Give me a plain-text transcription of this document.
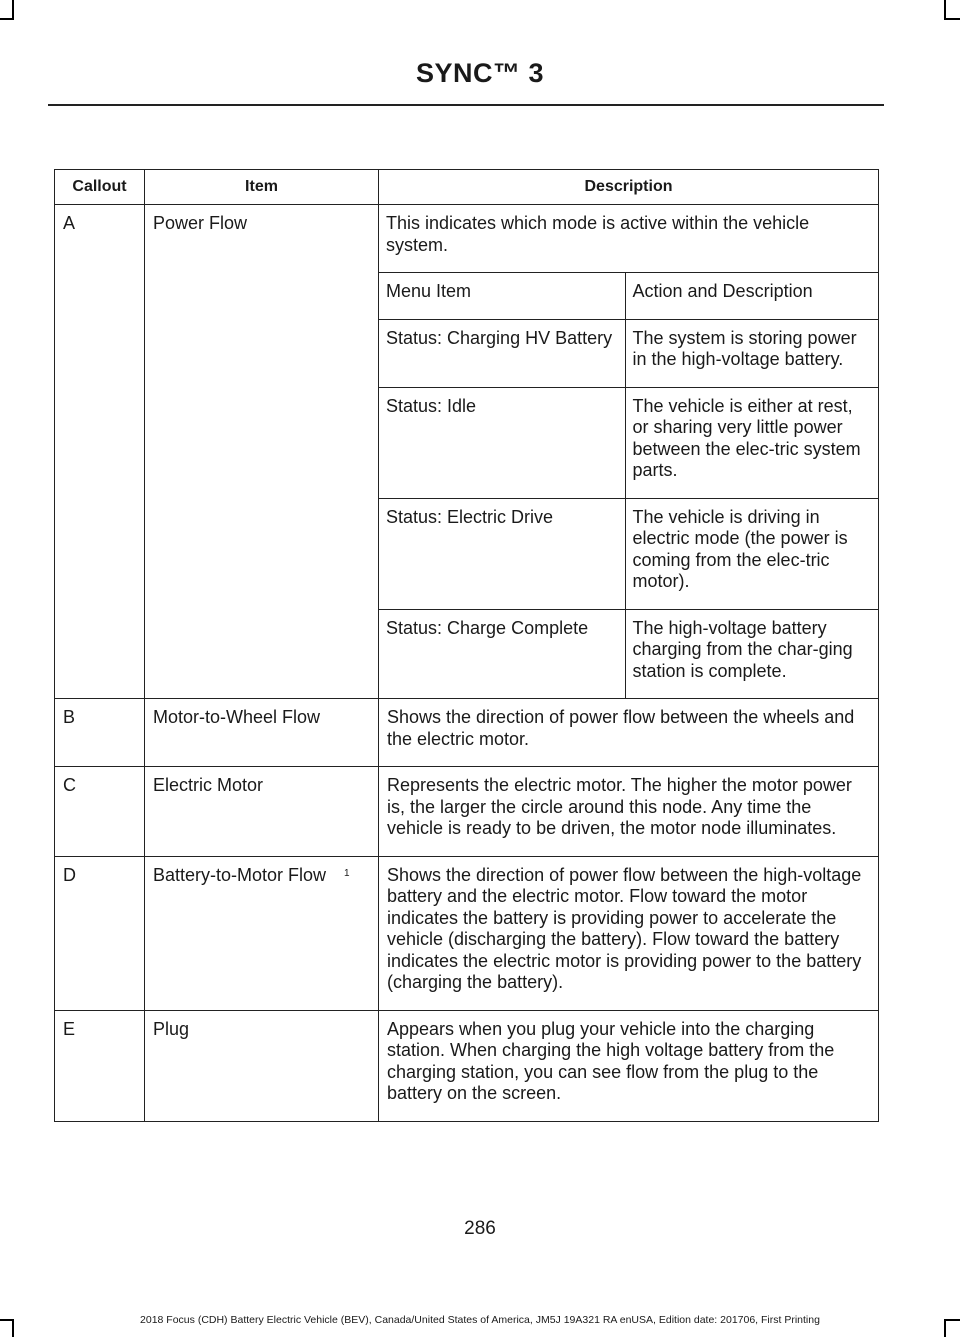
SYNC™ 3
Callout	Item	Description
A	Power Flow	This indicates which mode is active within the vehicle system.
Menu Item	Action and Description
Status: Charging HV Battery	The system is storing power in the high-voltage battery.
Status: Idle	The vehicle is either at rest, or sharing very little power between the elec-tric system parts.
Status: Electric Drive	The vehicle is driving in electric mode (the power is coming from the elec-tric motor).
Status: Charge Complete	The high-voltage battery charging from the char-ging station is complete.

B	Motor-to-Wheel Flow	Shows the direction of power flow between the wheels and the electric motor.
C	Electric Motor	Represents the electric motor. The higher the motor power is, the larger the circle around this node. Any time the vehicle is ready to be driven, the motor node illuminates.
D	Battery-to-Motor Flow $^1$	Shows the direction of power flow between the high-voltage battery and the electric motor. Flow toward the motor indicates the battery is providing power to accelerate the vehicle (discharging the battery). Flow toward the battery indicates the electric motor is providing power to the battery (charging the battery).
E	Plug	Appears when you plug your vehicle into the charging station. When charging the high voltage battery from the charging station, you can see flow from the plug to the battery on the screen.
286
2018 Focus (CDH) Battery Electric Vehicle (BEV), Canada/United States of America, JM5J 19A321 RA enUSA, Edition date: 201706, First Printing
